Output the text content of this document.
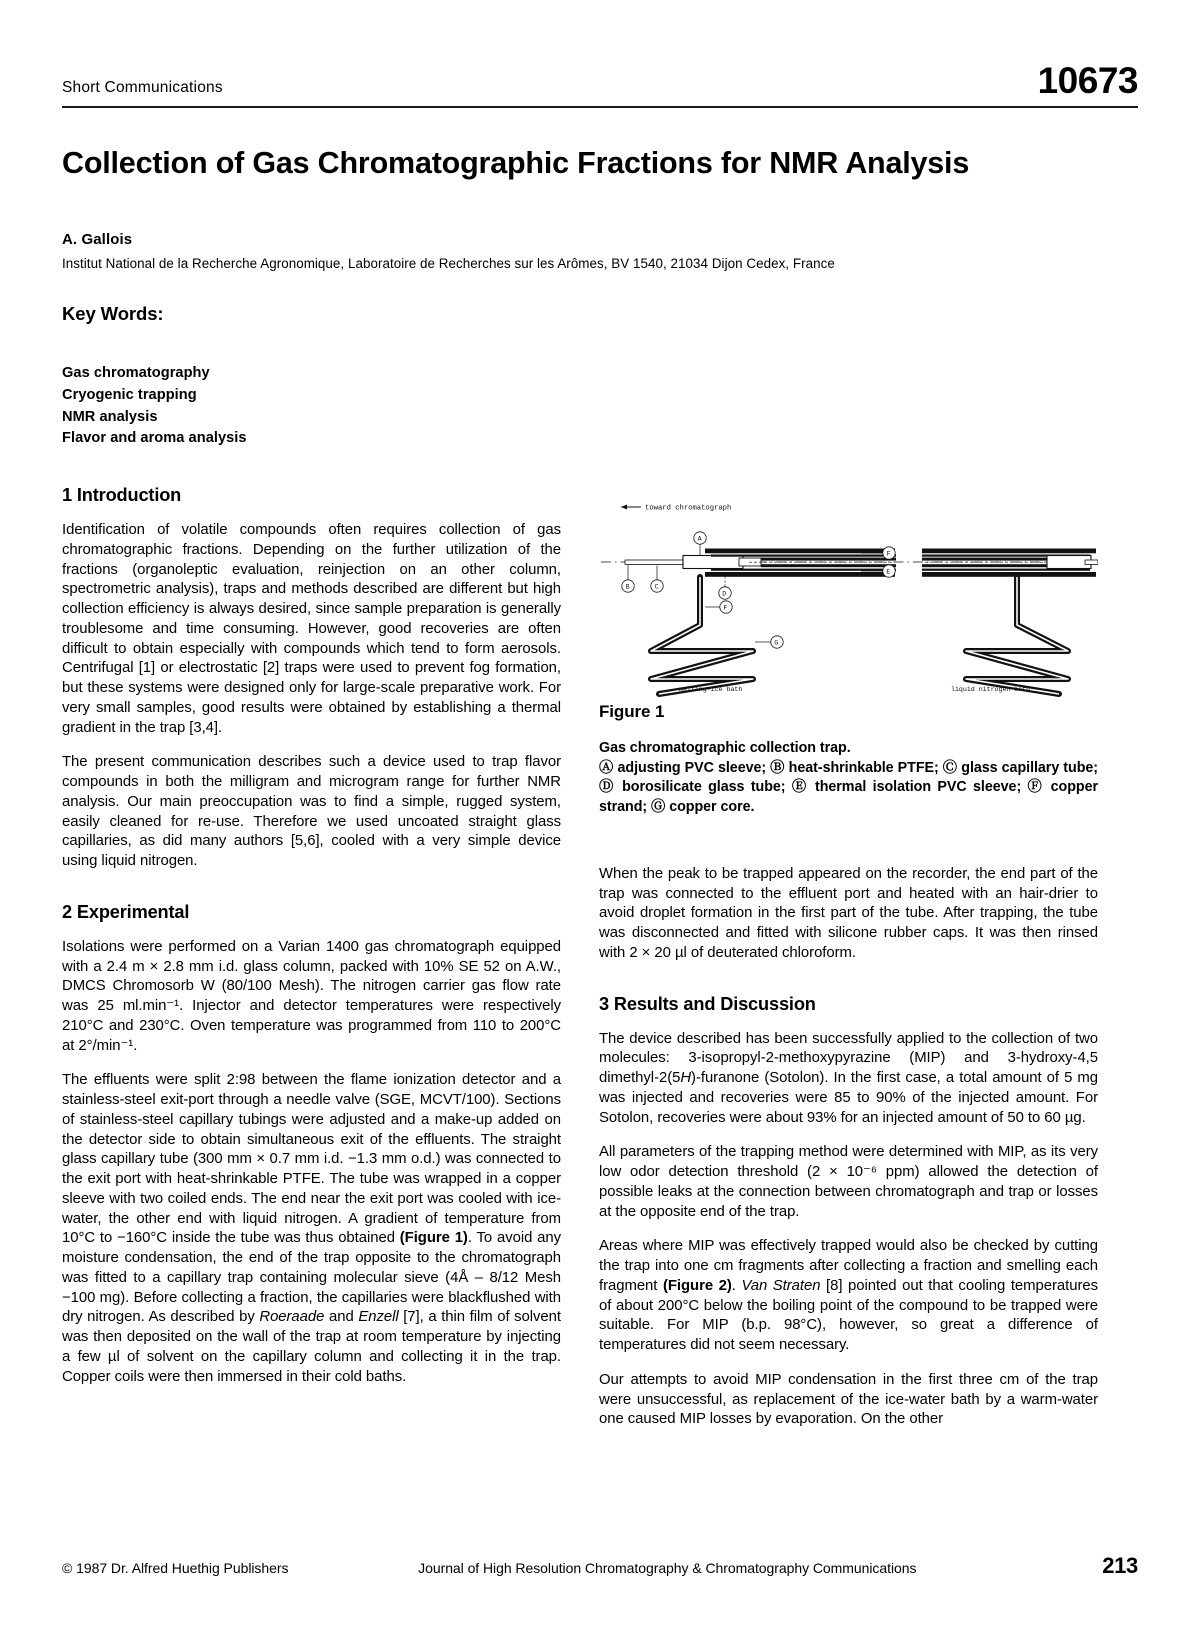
Short Communications	10673
Collection of Gas Chromatographic Fractions for NMR Analysis
A. Gallois
Institut National de la Recherche Agronomique, Laboratoire de Recherches sur les Arômes, BV 1540, 21034 Dijon Cedex, France
Key Words:
Gas chromatography
Cryogenic trapping
NMR analysis
Flavor and aroma analysis
1 Introduction

Identification of volatile compounds often requires collection of gas chromatographic fractions. Depending on the further utilization of the fractions (organoleptic evaluation, reinjection on an other column, spectrometric analysis), traps and methods described are different but high collection efficiency is always desired, since sample preparation is generally troublesome and time consuming. However, good recoveries are often difficult to obtain especially with compounds which tend to form aerosols. Centrifugal [1] or electrostatic [2] traps were used to prevent fog formation, but these systems were designed only for large-scale preparative work. For very small samples, good results were obtained by establishing a thermal gradient in the trap [3,4].

The present communication describes such a device used to trap flavor compounds in both the milligram and microgram range for further NMR analysis. Our main preoccupation was to find a simple, rugged system, easily cleaned for re-use. Therefore we used uncoated straight glass capillaries, as did many authors [5,6], cooled with a very simple device using liquid nitrogen.

2 Experimental

Isolations were performed on a Varian 1400 gas chromatograph equipped with a 2.4 m × 2.8 mm i.d. glass column, packed with 10% SE 52 on A.W., DMCS Chromosorb W (80/100 Mesh). The nitrogen carrier gas flow rate was 25 ml.min⁻¹. Injector and detector temperatures were respectively 210°C and 230°C. Oven temperature was programmed from 110 to 200°C at 2°/min⁻¹.

The effluents were split 2:98 between the flame ionization detector and a stainless-steel exit-port through a needle valve (SGE, MCVT/100). Sections of stainless-steel capillary tubings were adjusted and a make-up added on the detector side to obtain simultaneous exit of the effluents. The straight glass capillary tube (300 mm × 0.7 mm i.d. −1.3 mm o.d.) was connected to the exit port with heat-shrinkable PTFE. The tube was wrapped in a copper sleeve with two coiled ends. The end near the exit port was cooled with ice-water, the other end with liquid nitrogen. A gradient of temperature from 10°C to −160°C inside the tube was thus obtained (Figure 1). To avoid any moisture condensation, the end of the trap opposite to the chromatograph was fitted to a capillary trap containing molecular sieve (4Å – 8/12 Mesh −100 mg). Before collecting a fraction, the capillaries were blackflushed with dry nitrogen. As described by Roeraade and Enzell [7], a thin film of solvent was then deposited on the wall of the trap at room temperature by injecting a few µl of solvent on the capillary column and collecting it in the trap. Copper coils were then immersed in their cold baths.

toward chromatograph
A
B	C
D
E
F
G
F
melting-ice bath	liquid nitrogen bath
Figure 1
Gas chromatographic collection trap.
Ⓐ adjusting PVC sleeve; Ⓑ heat-shrinkable PTFE; Ⓒ glass capillary tube; Ⓓ borosilicate glass tube; Ⓔ thermal isolation PVC sleeve; Ⓕ copper strand; Ⓖ copper core.

When the peak to be trapped appeared on the recorder, the end part of the trap was connected to the effluent port and heated with an hair-drier to avoid droplet formation in the first part of the tube. After trapping, the tube was disconnected and fitted with silicone rubber caps. It was then rinsed with 2 × 20 µl of deuterated chloroform.

3 Results and Discussion

The device described has been successfully applied to the collection of two molecules: 3-isopropyl-2-methoxypyrazine (MIP) and 3-hydroxy-4,5 dimethyl-2(5H)-furanone (Sotolon). In the first case, a total amount of 5 mg was injected and recoveries were 85 to 90% of the injected amount. For Sotolon, recoveries were about 93% for an injected amount of 50 to 60 µg.

All parameters of the trapping method were determined with MIP, as its very low odor detection threshold (2 × 10⁻⁶ ppm) allowed the detection of possible leaks at the connection between chromatograph and trap or losses at the opposite end of the trap.

Areas where MIP was effectively trapped would also be checked by cutting the trap into one cm fragments after collecting a fraction and smelling each fragment (Figure 2). Van Straten [8] pointed out that cooling temperatures of about 200°C below the boiling point of the compound to be trapped were suitable. For MIP (b.p. 98°C), however, so great a difference of temperatures did not seem necessary.

Our attempts to avoid MIP condensation in the first three cm of the trap were unsuccessful, as replacement of the ice-water bath by a warm-water one caused MIP losses by evaporation. On the other

© 1987 Dr. Alfred Huethig Publishers	Journal of High Resolution Chromatography & Chromatography Communications	213
